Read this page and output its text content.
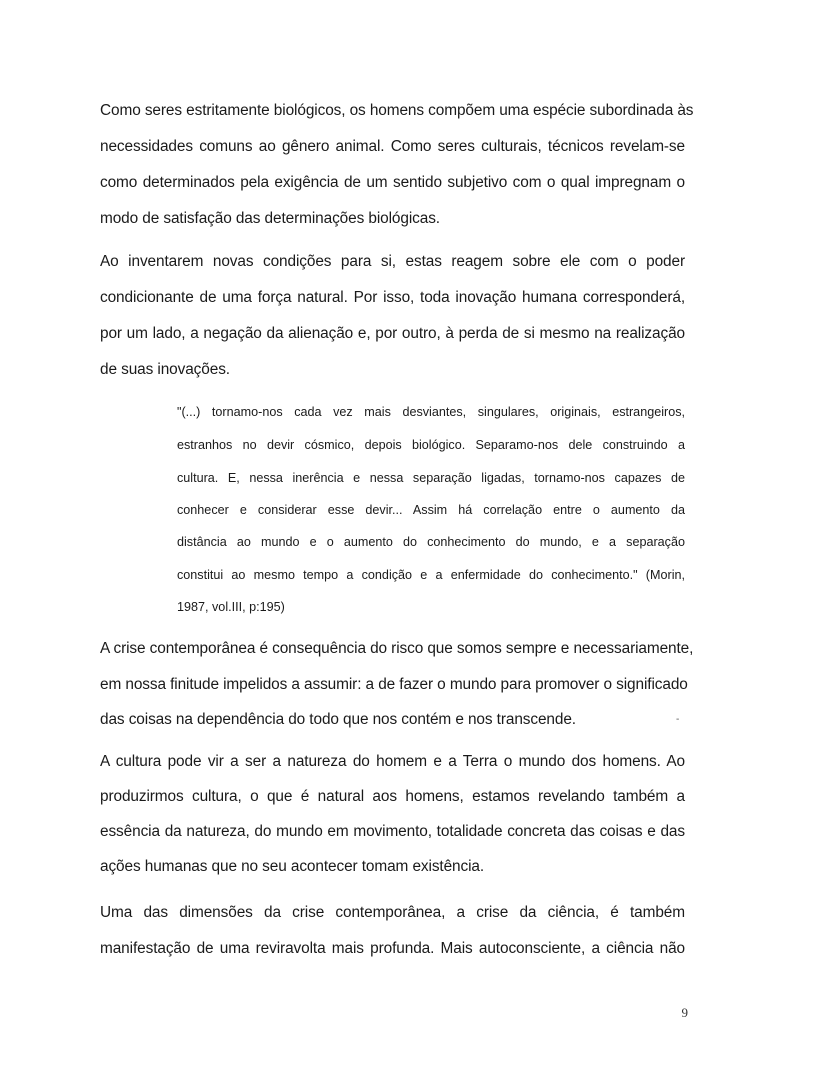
Como seres estritamente biológicos, os homens compõem uma espécie subordinada às
necessidades comuns ao gênero animal. Como seres culturais, técnicos revelam-se
como determinados pela exigência de um sentido subjetivo com o qual impregnam o
modo de satisfação das determinações biológicas.
Ao inventarem novas condições para si, estas reagem sobre ele com o poder
condicionante de uma força natural. Por isso, toda inovação humana corresponderá,
por um lado, a negação da alienação e, por outro, à perda de si mesmo na realização
de suas inovações.
"(...) tornamo-nos cada vez mais desviantes, singulares, originais, estrangeiros,
estranhos no devir cósmico, depois biológico. Separamo-nos dele construindo a
cultura. E, nessa inerência e nessa separação ligadas, tornamo-nos capazes de
conhecer e considerar esse devir... Assim há correlação entre o aumento da
distância ao mundo e o aumento do conhecimento do mundo, e a separação
constitui ao mesmo tempo a condição e a enfermidade do conhecimento." (Morin,
1987, vol.III, p:195)
A crise contemporânea é consequência do risco que somos sempre e necessariamente,
em nossa finitude impelidos a assumir: a de fazer o mundo para promover o significado
das coisas na dependência do todo que nos contém e nos transcende.	-
A cultura pode vir a ser a natureza do homem e a Terra o mundo dos homens. Ao
produzirmos cultura, o que é natural aos homens, estamos revelando também a
essência da natureza, do mundo em movimento, totalidade concreta das coisas e das
ações humanas que no seu acontecer tomam existência.
Uma das dimensões da crise contemporânea, a crise da ciência, é também
manifestação de uma reviravolta mais profunda. Mais autoconsciente, a ciência não
9
